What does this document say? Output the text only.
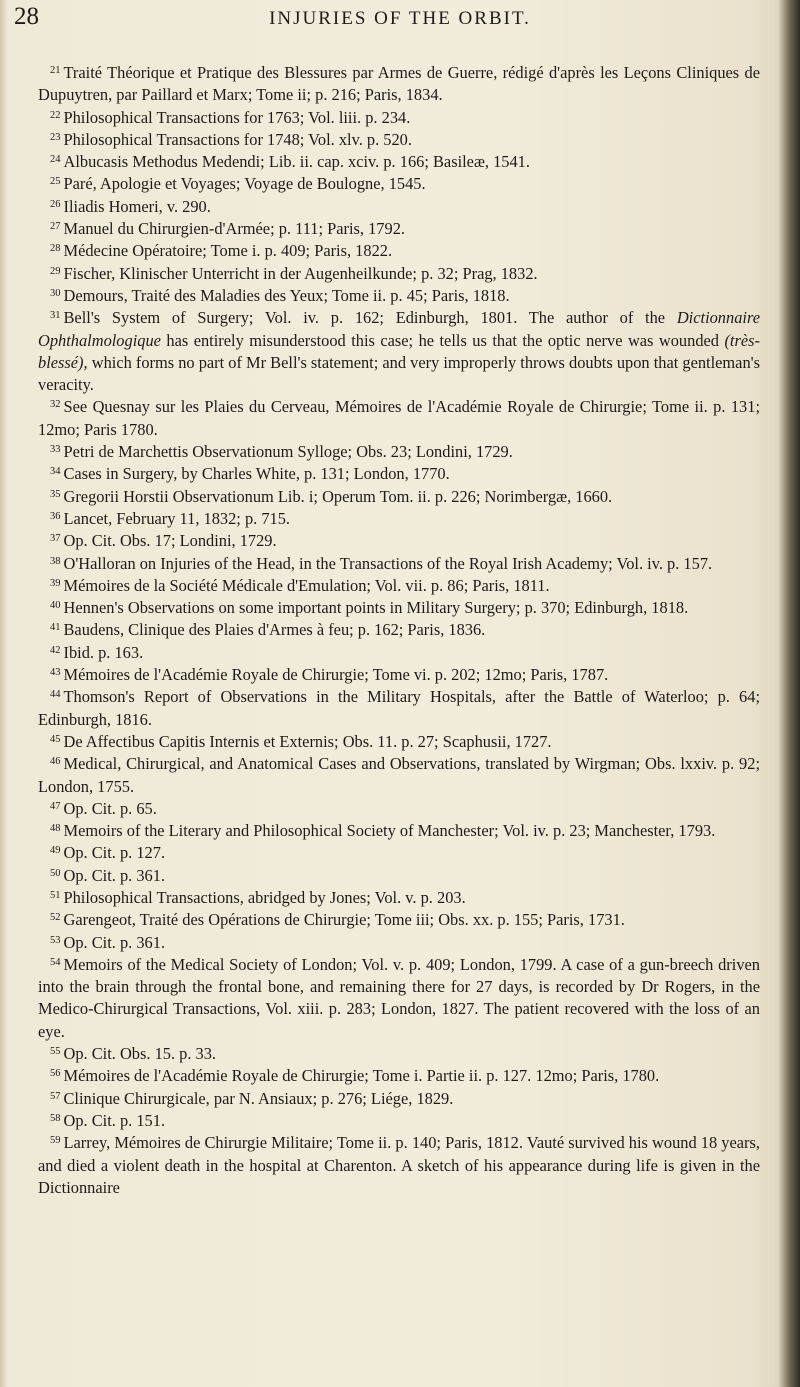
28	INJURIES OF THE ORBIT.

$^{21}$ Traité Théorique et Pratique des Blessures par Armes de Guerre, rédigé d'après les Leçons Cliniques de Dupuytren, par Paillard et Marx; Tome ii; p. 216; Paris, 1834.

$^{22}$ Philosophical Transactions for 1763; Vol. liii. p. 234.

$^{23}$ Philosophical Transactions for 1748; Vol. xlv. p. 520.

$^{24}$ Albucasis Methodus Medendi; Lib. ii. cap. xciv. p. 166; Basileæ, 1541.

$^{25}$ Paré, Apologie et Voyages; Voyage de Boulogne, 1545.

$^{26}$ Iliadis Homeri, v. 290.

$^{27}$ Manuel du Chirurgien-d'Armée; p. 111; Paris, 1792.

$^{28}$ Médecine Opératoire; Tome i. p. 409; Paris, 1822.

$^{29}$ Fischer, Klinischer Unterricht in der Augenheilkunde; p. 32; Prag, 1832.

$^{30}$ Demours, Traité des Maladies des Yeux; Tome ii. p. 45; Paris, 1818.

$^{31}$ Bell's System of Surgery; Vol. iv. p. 162; Edinburgh, 1801. The author of the Dictionnaire Ophthalmologique has entirely misunderstood this case; he tells us that the optic nerve was wounded (très-blessé), which forms no part of Mr Bell's statement; and very improperly throws doubts upon that gentleman's veracity.

$^{32}$ See Quesnay sur les Plaies du Cerveau, Mémoires de l'Académie Royale de Chirurgie; Tome ii. p. 131; 12mo; Paris 1780.

$^{33}$ Petri de Marchettis Observationum Sylloge; Obs. 23; Londini, 1729.

$^{34}$ Cases in Surgery, by Charles White, p. 131; London, 1770.

$^{35}$ Gregorii Horstii Observationum Lib. i; Operum Tom. ii. p. 226; Norimbergæ, 1660.

$^{36}$ Lancet, February 11, 1832; p. 715.

$^{37}$ Op. Cit. Obs. 17; Londini, 1729.

$^{38}$ O'Halloran on Injuries of the Head, in the Transactions of the Royal Irish Academy; Vol. iv. p. 157.

$^{39}$ Mémoires de la Société Médicale d'Emulation; Vol. vii. p. 86; Paris, 1811.

$^{40}$ Hennen's Observations on some important points in Military Surgery; p. 370; Edinburgh, 1818.

$^{41}$ Baudens, Clinique des Plaies d'Armes à feu; p. 162; Paris, 1836.

$^{42}$ Ibid. p. 163.

$^{43}$ Mémoires de l'Académie Royale de Chirurgie; Tome vi. p. 202; 12mo; Paris, 1787.

$^{44}$ Thomson's Report of Observations in the Military Hospitals, after the Battle of Waterloo; p. 64; Edinburgh, 1816.

$^{45}$ De Affectibus Capitis Internis et Externis; Obs. 11. p. 27; Scaphusii, 1727.

$^{46}$ Medical, Chirurgical, and Anatomical Cases and Observations, translated by Wirgman; Obs. lxxiv. p. 92; London, 1755.

$^{47}$ Op. Cit. p. 65.

$^{48}$ Memoirs of the Literary and Philosophical Society of Manchester; Vol. iv. p. 23; Manchester, 1793.

$^{49}$ Op. Cit. p. 127.

$^{50}$ Op. Cit. p. 361.

$^{51}$ Philosophical Transactions, abridged by Jones; Vol. v. p. 203.

$^{52}$ Garengeot, Traité des Opérations de Chirurgie; Tome iii; Obs. xx. p. 155; Paris, 1731.

$^{53}$ Op. Cit. p. 361.

$^{54}$ Memoirs of the Medical Society of London; Vol. v. p. 409; London, 1799. A case of a gun-breech driven into the brain through the frontal bone, and remaining there for 27 days, is recorded by Dr Rogers, in the Medico-Chirurgical Transactions, Vol. xiii. p. 283; London, 1827. The patient recovered with the loss of an eye.

$^{55}$ Op. Cit. Obs. 15. p. 33.

$^{56}$ Mémoires de l'Académie Royale de Chirurgie; Tome i. Partie ii. p. 127. 12mo; Paris, 1780.

$^{57}$ Clinique Chirurgicale, par N. Ansiaux; p. 276; Liége, 1829.

$^{58}$ Op. Cit. p. 151.

$^{59}$ Larrey, Mémoires de Chirurgie Militaire; Tome ii. p. 140; Paris, 1812. Vauté survived his wound 18 years, and died a violent death in the hospital at Charenton. A sketch of his appearance during life is given in the Dictionnaire
